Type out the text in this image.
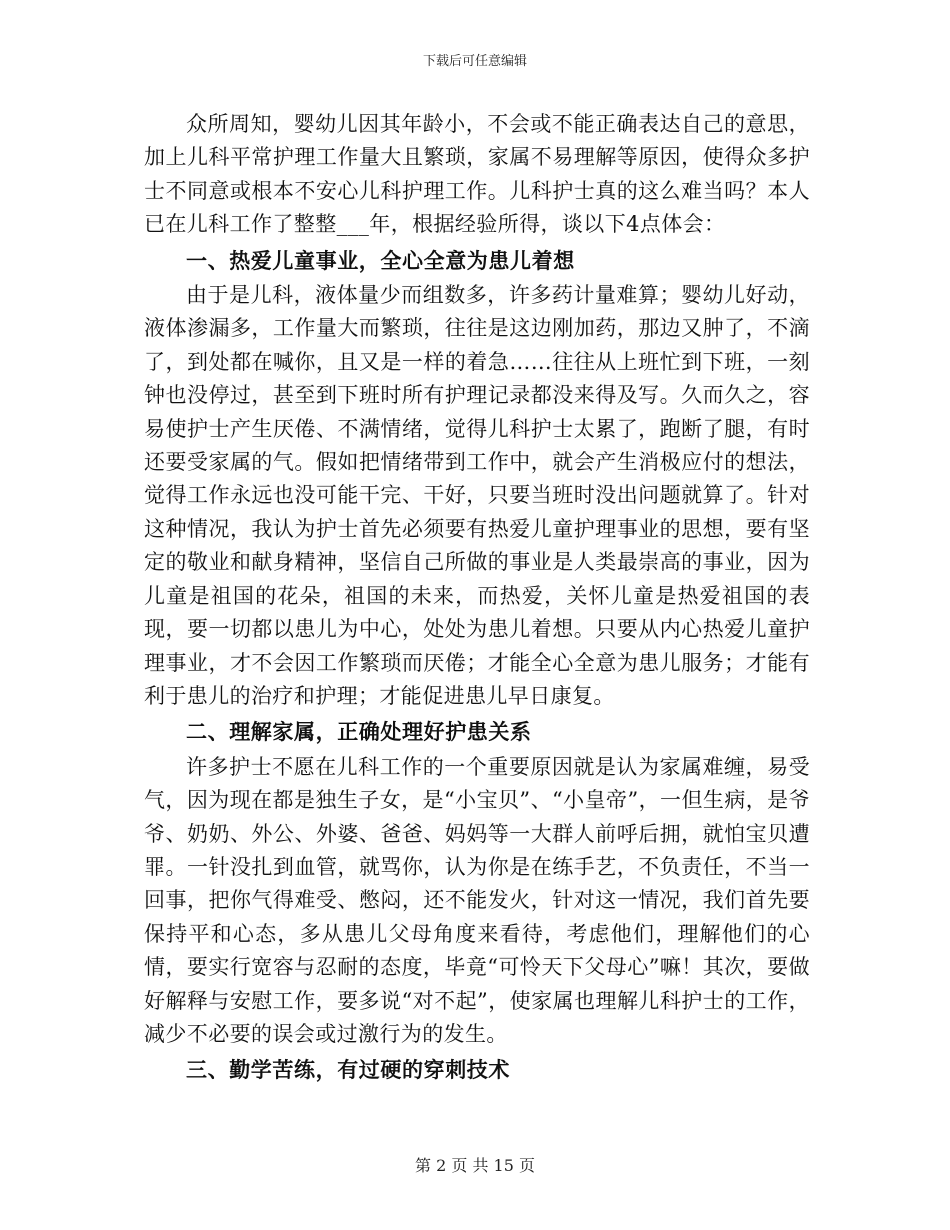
下载后可任意编辑

众所周知，婴幼儿因其年龄小，不会或不能正确表达自己的意思，加上儿科平常护理工作量大且繁琐，家属不易理解等原因，使得众多护士不同意或根本不安心儿科护理工作。儿科护士真的这么难当吗？本人已在儿科工作了整整___年，根据经验所得，谈以下4点体会：

一、热爱儿童事业，全心全意为患儿着想

由于是儿科，液体量少而组数多，许多药计量难算；婴幼儿好动，液体渗漏多，工作量大而繁琐，往往是这边刚加药，那边又肿了，不滴了，到处都在喊你，且又是一样的着急……往往从上班忙到下班，一刻钟也没停过，甚至到下班时所有护理记录都没来得及写。久而久之，容易使护士产生厌倦、不满情绪，觉得儿科护士太累了，跑断了腿，有时还要受家属的气。假如把情绪带到工作中，就会产生消极应付的想法，觉得工作永远也没可能干完、干好，只要当班时没出问题就算了。针对这种情况，我认为护士首先必须要有热爱儿童护理事业的思想，要有坚定的敬业和献身精神，坚信自己所做的事业是人类最崇高的事业，因为儿童是祖国的花朵，祖国的未来，而热爱，关怀儿童是热爱祖国的表现，要一切都以患儿为中心，处处为患儿着想。只要从内心热爱儿童护理事业，才不会因工作繁琐而厌倦；才能全心全意为患儿服务；才能有利于患儿的治疗和护理；才能促进患儿早日康复。

二、理解家属，正确处理好护患关系

许多护士不愿在儿科工作的一个重要原因就是认为家属难缠，易受气，因为现在都是独生子女，是“小宝贝”、“小皇帝”，一但生病，是爷爷、奶奶、外公、外婆、爸爸、妈妈等一大群人前呼后拥，就怕宝贝遭罪。一针没扎到血管，就骂你，认为你是在练手艺，不负责任，不当一回事，把你气得难受、憋闷，还不能发火，针对这一情况，我们首先要保持平和心态，多从患儿父母角度来看待，考虑他们，理解他们的心情，要实行宽容与忍耐的态度，毕竟“可怜天下父母心”嘛！其次，要做好解释与安慰工作，要多说“对不起”，使家属也理解儿科护士的工作，减少不必要的误会或过激行为的发生。

三、勤学苦练，有过硬的穿刺技术
第 2 页 共 15 页
